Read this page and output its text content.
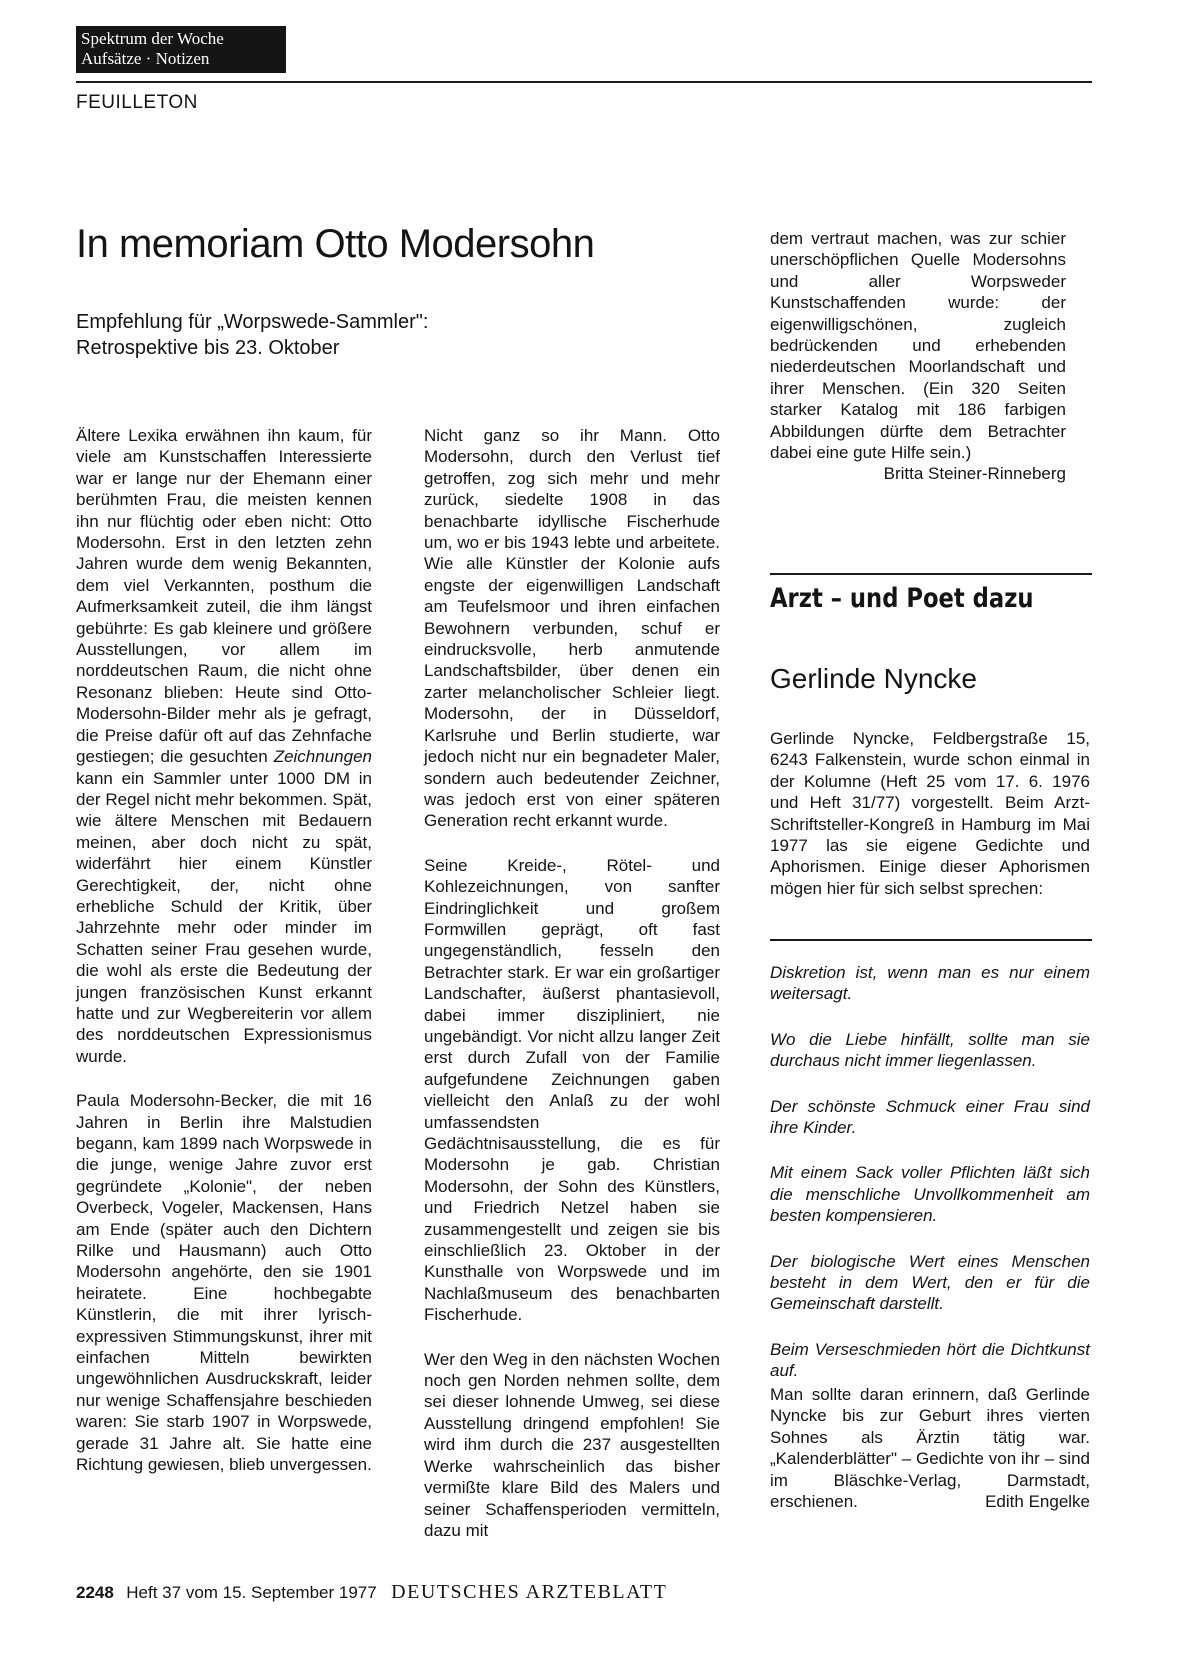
Spektrum der Woche
Aufsätze · Notizen
FEUILLETON
In memoriam Otto Modersohn
Empfehlung für „Worpswede-Sammler":
Retrospektive bis 23. Oktober

Ältere Lexika erwähnen ihn kaum, für viele am Kunstschaffen Interessierte war er lange nur der Ehemann einer berühmten Frau, die meisten kennen ihn nur flüchtig oder eben nicht: Otto Modersohn. Erst in den letzten zehn Jahren wurde dem wenig Bekannten, dem viel Verkannten, posthum die Aufmerksamkeit zuteil, die ihm längst gebührte: Es gab kleinere und größere Ausstellungen, vor allem im norddeutschen Raum, die nicht ohne Resonanz blieben: Heute sind Otto-Modersohn-Bilder mehr als je gefragt, die Preise dafür oft auf das Zehnfache gestiegen; die gesuchten Zeichnungen kann ein Sammler unter 1000 DM in der Regel nicht mehr bekommen. Spät, wie ältere Menschen mit Bedauern meinen, aber doch nicht zu spät, widerfährt hier einem Künstler Gerechtigkeit, der, nicht ohne erhebliche Schuld der Kritik, über Jahrzehnte mehr oder minder im Schatten seiner Frau gesehen wurde, die wohl als erste die Bedeutung der jungen französischen Kunst erkannt hatte und zur Wegbereiterin vor allem des norddeutschen Expressionismus wurde.

Paula Modersohn-Becker, die mit 16 Jahren in Berlin ihre Malstudien begann, kam 1899 nach Worpswede in die junge, wenige Jahre zuvor erst gegründete „Kolonie", der neben Overbeck, Vogeler, Mackensen, Hans am Ende (später auch den Dichtern Rilke und Hausmann) auch Otto Modersohn angehörte, den sie 1901 heiratete. Eine hochbegabte Künstlerin, die mit ihrer lyrisch-expressiven Stimmungskunst, ihrer mit einfachen Mitteln bewirkten ungewöhnlichen Ausdruckskraft, leider nur wenige Schaffensjahre beschieden waren: Sie starb 1907 in Worpswede, gerade 31 Jahre alt. Sie hatte eine Richtung gewiesen, blieb unvergessen.

Nicht ganz so ihr Mann. Otto Modersohn, durch den Verlust tief getroffen, zog sich mehr und mehr zurück, siedelte 1908 in das benachbarte idyllische Fischerhude um, wo er bis 1943 lebte und arbeitete. Wie alle Künstler der Kolonie aufs engste der eigenwilligen Landschaft am Teufelsmoor und ihren einfachen Bewohnern verbunden, schuf er eindrucksvolle, herb anmutende Landschaftsbilder, über denen ein zarter melancholischer Schleier liegt. Modersohn, der in Düsseldorf, Karlsruhe und Berlin studierte, war jedoch nicht nur ein begnadeter Maler, sondern auch bedeutender Zeichner, was jedoch erst von einer späteren Generation recht erkannt wurde.

Seine Kreide-, Rötel- und Kohlezeichnungen, von sanfter Eindringlichkeit und großem Formwillen geprägt, oft fast ungegenständlich, fesseln den Betrachter stark. Er war ein großartiger Landschafter, äußerst phantasievoll, dabei immer diszipliniert, nie ungebändigt. Vor nicht allzu langer Zeit erst durch Zufall von der Familie aufgefundene Zeichnungen gaben vielleicht den Anlaß zu der wohl umfassendsten Gedächtnisausstellung, die es für Modersohn je gab. Christian Modersohn, der Sohn des Künstlers, und Friedrich Netzel haben sie zusammengestellt und zeigen sie bis einschließlich 23. Oktober in der Kunsthalle von Worpswede und im Nachlaßmuseum des benachbarten Fischerhude.

Wer den Weg in den nächsten Wochen noch gen Norden nehmen sollte, dem sei dieser lohnende Umweg, sei diese Ausstellung dringend empfohlen! Sie wird ihm durch die 237 ausgestellten Werke wahrscheinlich das bisher vermißte klare Bild des Malers und seiner Schaffensperioden vermitteln, dazu mit

dem vertraut machen, was zur schier unerschöpflichen Quelle Modersohns und aller Worpsweder Kunstschaffenden wurde: der eigenwilligschönen, zugleich bedrückenden und erhebenden niederdeutschen Moorlandschaft und ihrer Menschen. (Ein 320 Seiten starker Katalog mit 186 farbigen Abbildungen dürfte dem Betrachter dabei eine gute Hilfe sein.)

Britta Steiner-Rinneberg
Arzt – und Poet dazu
Gerlinde Nyncke

Gerlinde Nyncke, Feldbergstraße 15, 6243 Falkenstein, wurde schon einmal in der Kolumne (Heft 25 vom 17. 6. 1976 und Heft 31/77) vorgestellt. Beim Arzt-Schriftsteller-Kongreß in Hamburg im Mai 1977 las sie eigene Gedichte und Aphorismen. Einige dieser Aphorismen mögen hier für sich selbst sprechen:

Diskretion ist, wenn man es nur einem weitersagt.

Wo die Liebe hinfällt, sollte man sie durchaus nicht immer liegenlassen.

Der schönste Schmuck einer Frau sind ihre Kinder.

Mit einem Sack voller Pflichten läßt sich die menschliche Unvollkommenheit am besten kompensieren.

Der biologische Wert eines Menschen besteht in dem Wert, den er für die Gemeinschaft darstellt.

Beim Verseschmieden hört die Dichtkunst auf.

Man sollte daran erinnern, daß Gerlinde Nyncke bis zur Geburt ihres vierten Sohnes als Ärztin tätig war. „Kalenderblätter" – Gedichte von ihr – sind im Bläschke-Verlag, Darmstadt, erschienen.	Edith Engelke

2248 Heft 37 vom 15. September 1977 DEUTSCHES ARZTEBLATT
